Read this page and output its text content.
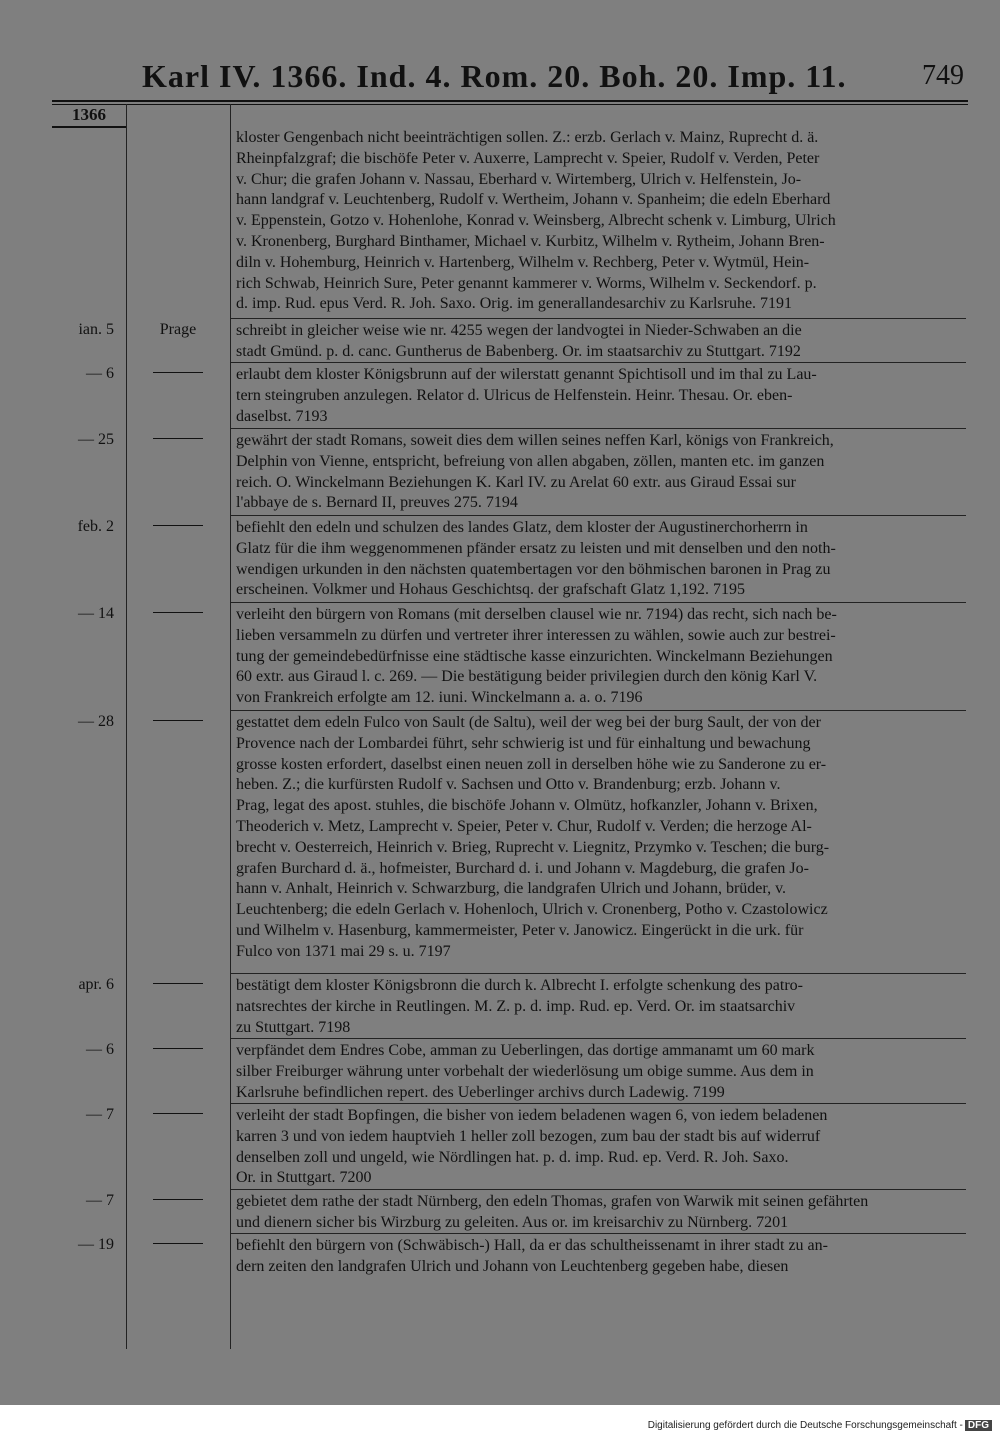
Karl IV. 1366. Ind. 4. Rom. 20. Boh. 20. Imp. 11.	749
1366
kloster Gengenbach nicht beeinträchtigen sollen. Z.: erzb. Gerlach v. Mainz, Ruprecht d. ä.
Rheinpfalzgraf; die bischöfe Peter v. Auxerre, Lamprecht v. Speier, Rudolf v. Verden, Peter
v. Chur; die grafen Johann v. Nassau, Eberhard v. Wirtemberg, Ulrich v. Helfenstein, Jo-
hann landgraf v. Leuchtenberg, Rudolf v. Wertheim, Johann v. Spanheim; die edeln Eberhard
v. Eppenstein, Gotzo v. Hohenlohe, Konrad v. Weinsberg, Albrecht schenk v. Limburg, Ulrich
v. Kronenberg, Burghard Binthamer, Michael v. Kurbitz, Wilhelm v. Rytheim, Johann Bren-
diln v. Hohemburg, Heinrich v. Hartenberg, Wilhelm v. Rechberg, Peter v. Wytmül, Hein-
rich Schwab, Heinrich Sure, Peter genannt kammerer v. Worms, Wilhelm v. Seckendorf. p.
d. imp. Rud. epus Verd. R. Joh. Saxo. Orig. im generallandesarchiv zu Karlsruhe. 7191
ian. 5	Prage	schreibt in gleicher weise wie nr. 4255 wegen der landvogtei in Nieder-Schwaben an die
stadt Gmünd. p. d. canc. Guntherus de Babenberg. Or. im staatsarchiv zu Stuttgart. 7192
— 6	erlaubt dem kloster Königsbrunn auf der wilerstatt genannt Spichtisoll und im thal zu Lau-
tern steingruben anzulegen. Relator d. Ulricus de Helfenstein. Heinr. Thesau. Or. eben-
daselbst. 7193
— 25	gewährt der stadt Romans, soweit dies dem willen seines neffen Karl, königs von Frankreich,
Delphin von Vienne, entspricht, befreiung von allen abgaben, zöllen, manten etc. im ganzen
reich. O. Winckelmann Beziehungen K. Karl IV. zu Arelat 60 extr. aus Giraud Essai sur
l'abbaye de s. Bernard II, preuves 275. 7194
feb. 2	befiehlt den edeln und schulzen des landes Glatz, dem kloster der Augustinerchorherrn in
Glatz für die ihm weggenommenen pfänder ersatz zu leisten und mit denselben und den noth-
wendigen urkunden in den nächsten quatembertagen vor den böhmischen baronen in Prag zu
erscheinen. Volkmer und Hohaus Geschichtsq. der grafschaft Glatz 1,192. 7195
— 14	verleiht den bürgern von Romans (mit derselben clausel wie nr. 7194) das recht, sich nach be-
lieben versammeln zu dürfen und vertreter ihrer interessen zu wählen, sowie auch zur bestrei-
tung der gemeindebedürfnisse eine städtische kasse einzurichten. Winckelmann Beziehungen
60 extr. aus Giraud l. c. 269. — Die bestätigung beider privilegien durch den könig Karl V.
von Frankreich erfolgte am 12. iuni. Winckelmann a. a. o. 7196
— 28	gestattet dem edeln Fulco von Sault (de Saltu), weil der weg bei der burg Sault, der von der
Provence nach der Lombardei führt, sehr schwierig ist und für einhaltung und bewachung
grosse kosten erfordert, daselbst einen neuen zoll in derselben höhe wie zu Sanderone zu er-
heben. Z.; die kurfürsten Rudolf v. Sachsen und Otto v. Brandenburg; erzb. Johann v.
Prag, legat des apost. stuhles, die bischöfe Johann v. Olmütz, hofkanzler, Johann v. Brixen,
Theoderich v. Metz, Lamprecht v. Speier, Peter v. Chur, Rudolf v. Verden; die herzoge Al-
brecht v. Oesterreich, Heinrich v. Brieg, Ruprecht v. Liegnitz, Przymko v. Teschen; die burg-
grafen Burchard d. ä., hofmeister, Burchard d. i. und Johann v. Magdeburg, die grafen Jo-
hann v. Anhalt, Heinrich v. Schwarzburg, die landgrafen Ulrich und Johann, brüder, v.
Leuchtenberg; die edeln Gerlach v. Hohenloch, Ulrich v. Cronenberg, Potho v. Czastolowicz
und Wilhelm v. Hasenburg, kammermeister, Peter v. Janowicz. Eingerückt in die urk. für
Fulco von 1371 mai 29 s. u. 7197
apr. 6	bestätigt dem kloster Königsbronn die durch k. Albrecht I. erfolgte schenkung des patro-
natsrechtes der kirche in Reutlingen. M. Z. p. d. imp. Rud. ep. Verd. Or. im staatsarchiv
zu Stuttgart. 7198
— 6	verpfändet dem Endres Cobe, amman zu Ueberlingen, das dortige ammanamt um 60 mark
silber Freiburger währung unter vorbehalt der wiederlösung um obige summe. Aus dem in
Karlsruhe befindlichen repert. des Ueberlinger archivs durch Ladewig. 7199
— 7	verleiht der stadt Bopfingen, die bisher von iedem beladenen wagen 6, von iedem beladenen
karren 3 und von iedem hauptvieh 1 heller zoll bezogen, zum bau der stadt bis auf widerruf
denselben zoll und ungeld, wie Nördlingen hat. p. d. imp. Rud. ep. Verd. R. Joh. Saxo.
Or. in Stuttgart. 7200
— 7	gebietet dem rathe der stadt Nürnberg, den edeln Thomas, grafen von Warwik mit seinen gefährten
und dienern sicher bis Wirzburg zu geleiten. Aus or. im kreisarchiv zu Nürnberg. 7201
— 19	befiehlt den bürgern von (Schwäbisch-) Hall, da er das schultheissenamt in ihrer stadt zu an-
dern zeiten den landgrafen Ulrich und Johann von Leuchtenberg gegeben habe, diesen
Digitalisierung gefördert durch die Deutsche Forschungsgemeinschaft - DFG
